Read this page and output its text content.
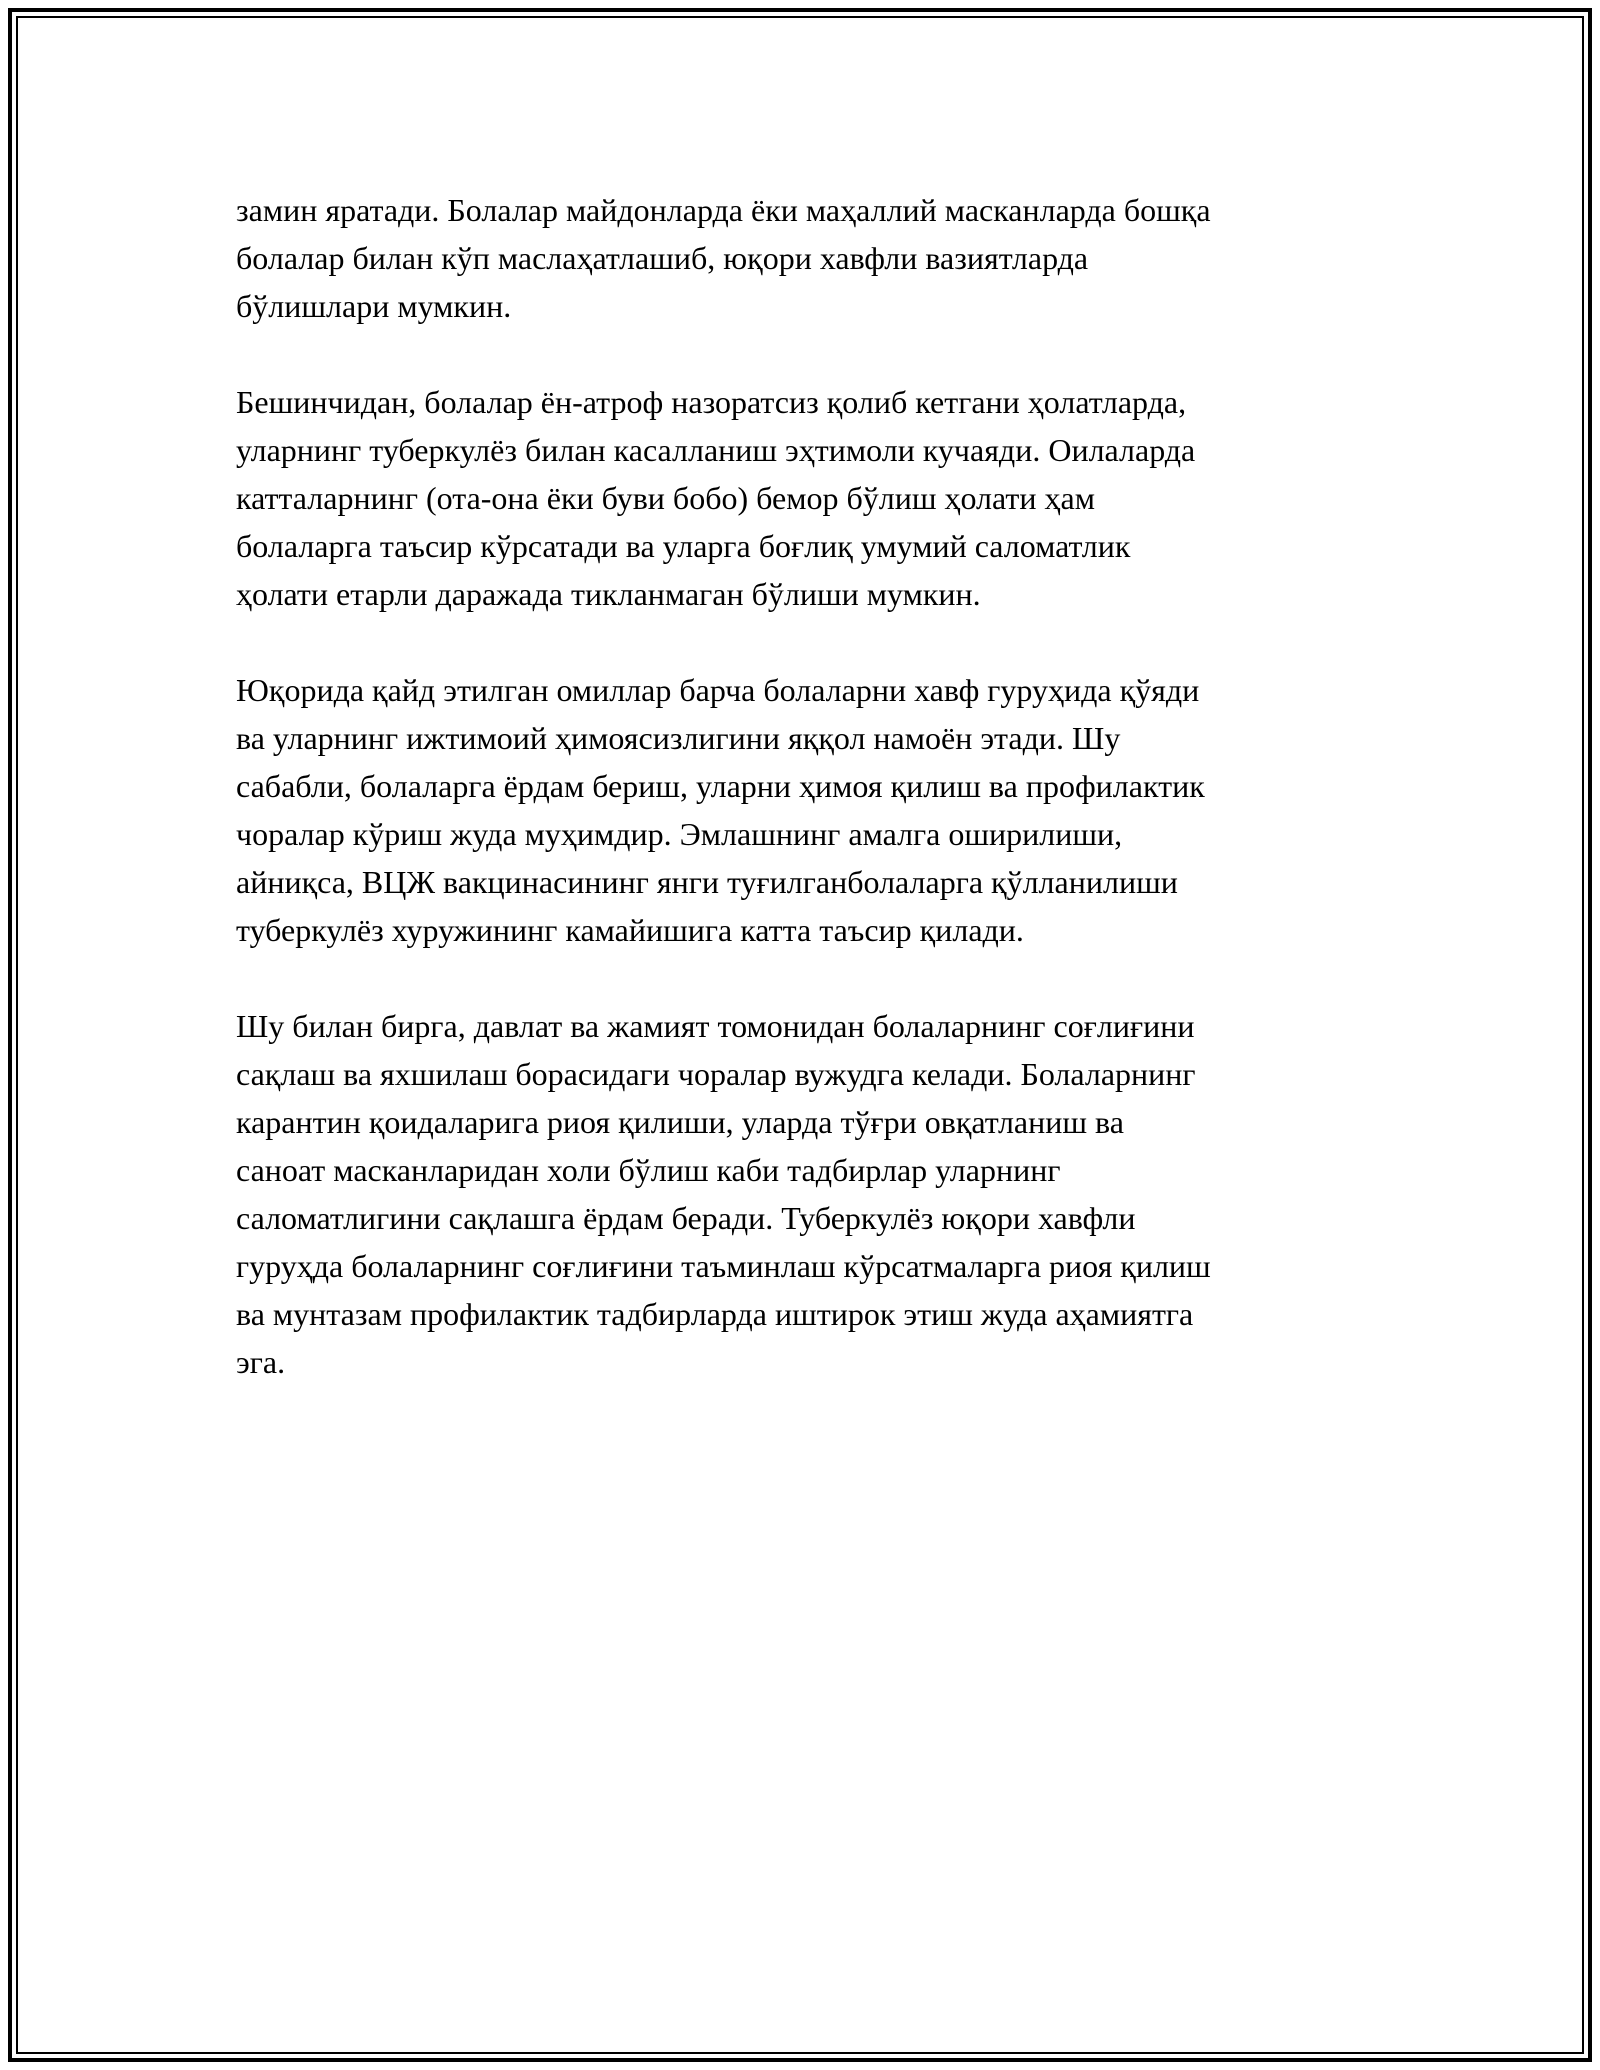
замин яратади. Болалар майдонларда ёки маҳаллий масканларда бошқа
болалар билан кўп маслаҳатлашиб, юқори хавфли вазиятларда
бўлишлари мумкин.

Бешинчидан, болалар ён-атроф назоратсиз қолиб кетгани ҳолатларда,
уларнинг туберкулёз билан касалланиш эҳтимоли кучаяди. Оилаларда
катталарнинг (ота-она ёки буви бобо) бемор бўлиш ҳолати ҳам
болаларга таъсир кўрсатади ва уларга боғлиқ умумий саломатлик
ҳолати етарли даражада тикланмаган бўлиши мумкин.

Юқорида қайд этилган омиллар барча болаларни хавф гуруҳида қўяди
ва уларнинг ижтимоий ҳимоясизлигини яққол намоён этади. Шу
сабабли, болаларга ёрдам бериш, уларни ҳимоя қилиш ва профилактик
чоралар кўриш жуда муҳимдир. Эмлашнинг амалга оширилиши,
айниқса, ВЦЖ вакцинасининг янги туғилганболаларга қўлланилиши
туберкулёз хуружининг камайишига катта таъсир қилади.

Шу билан бирга, давлат ва жамият томонидан болаларнинг соғлиғини
сақлаш ва яхшилаш борасидаги чоралар вужудга келади. Болаларнинг
карантин қоидаларига риоя қилиши, уларда тўғри овқатланиш ва
саноат масканларидан холи бўлиш каби тадбирлар уларнинг
саломатлигини сақлашга ёрдам беради. Туберкулёз юқори хавфли
гуруҳда болаларнинг соғлиғини таъминлаш кўрсатмаларга риоя қилиш
ва мунтазам профилактик тадбирларда иштирок этиш жуда аҳамиятга
эга.
